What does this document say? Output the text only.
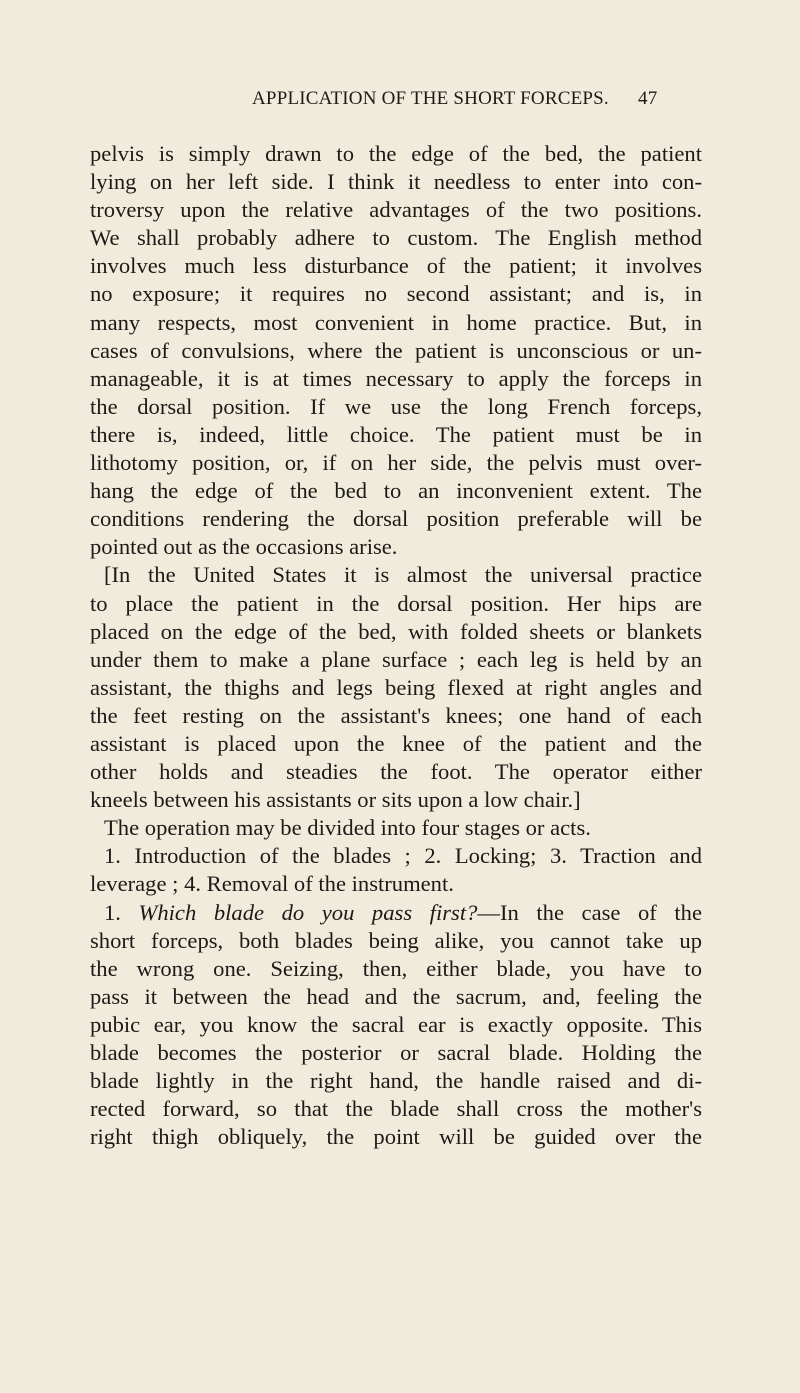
APPLICATION OF THE SHORT FORCEPS. 47
pelvis is simply drawn to the edge of the bed, the patient
lying on her left side. I think it needless to enter into con-
troversy upon the relative advantages of the two positions.
We shall probably adhere to custom. The English method
involves much less disturbance of the patient; it involves
no exposure; it requires no second assistant; and is, in
many respects, most convenient in home practice. But, in
cases of convulsions, where the patient is unconscious or un-
manageable, it is at times necessary to apply the forceps in
the dorsal position. If we use the long French forceps,
there is, indeed, little choice. The patient must be in
lithotomy position, or, if on her side, the pelvis must over-
hang the edge of the bed to an inconvenient extent. The
conditions rendering the dorsal position preferable will be
pointed out as the occasions arise.
[In the United States it is almost the universal practice
to place the patient in the dorsal position. Her hips are
placed on the edge of the bed, with folded sheets or blankets
under them to make a plane surface ; each leg is held by an
assistant, the thighs and legs being flexed at right angles and
the feet resting on the assistant's knees; one hand of each
assistant is placed upon the knee of the patient and the
other holds and steadies the foot. The operator either
kneels between his assistants or sits upon a low chair.]
The operation may be divided into four stages or acts.
1. Introduction of the blades ; 2. Locking; 3. Traction and
leverage ; 4. Removal of the instrument.
1. Which blade do you pass first?—In the case of the
short forceps, both blades being alike, you cannot take up
the wrong one. Seizing, then, either blade, you have to
pass it between the head and the sacrum, and, feeling the
pubic ear, you know the sacral ear is exactly opposite. This
blade becomes the posterior or sacral blade. Holding the
blade lightly in the right hand, the handle raised and di-
rected forward, so that the blade shall cross the mother's
right thigh obliquely, the point will be guided over the
